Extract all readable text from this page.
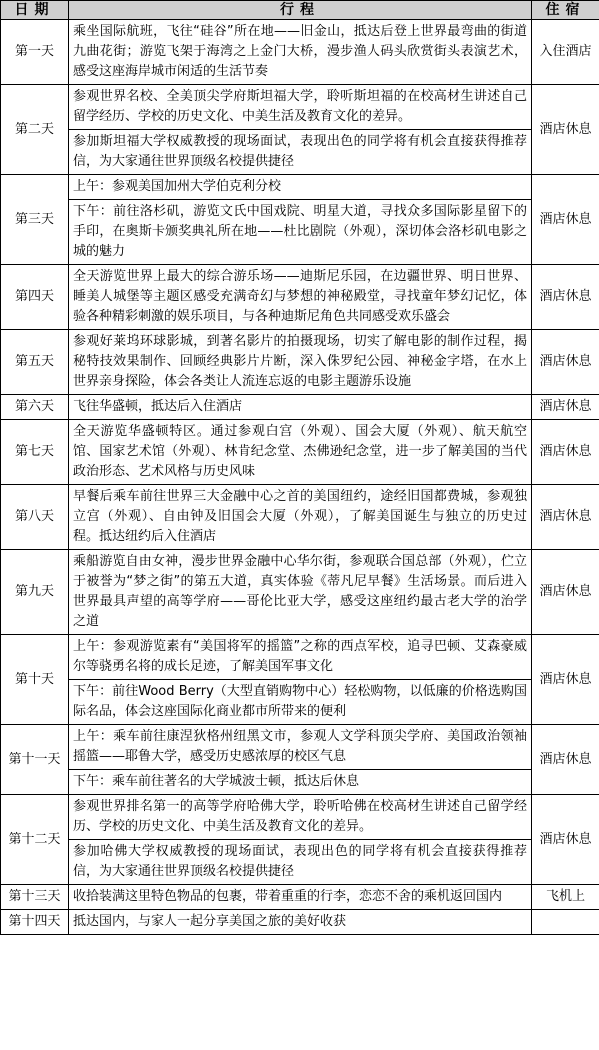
日期	行程	住宿
第一天	乘坐国际航班，飞往“硅谷”所在地——旧金山，抵达后登上世界最弯曲的街道九曲花街；游览飞架于海湾之上金门大桥，漫步渔人码头欣赏街头表演艺术，感受这座海岸城市闲适的生活节奏	入住酒店
第二天	参观世界名校、全美顶尖学府斯坦福大学，聆听斯坦福的在校高材生讲述自己留学经历、学校的历史文化、中美生活及教育文化的差异。	酒店休息
	参加斯坦福大学权威教授的现场面试，表现出色的同学将有机会直接获得推荐信，为大家通往世界顶级名校提供捷径	
第三天	上午：参观美国加州大学伯克利分校	酒店休息
	下午：前往洛杉矶，游览文氏中国戏院、明星大道，寻找众多国际影星留下的手印，在奥斯卡颁奖典礼所在地——杜比剧院（外观），深切体会洛杉矶电影之城的魅力	
第四天	全天游览世界上最大的综合游乐场——迪斯尼乐园，在边疆世界、明日世界、睡美人城堡等主题区感受充满奇幻与梦想的神秘殿堂，寻找童年梦幻记忆，体验各种精彩刺激的娱乐项目，与各种迪斯尼角色共同感受欢乐盛会	酒店休息
第五天	参观好莱坞环球影城，到著名影片的拍摄现场，切实了解电影的制作过程，揭秘特技效果制作、回顾经典影片片断，深入侏罗纪公园、神秘金字塔，在水上世界亲身探险，体会各类让人流连忘返的电影主题游乐设施	酒店休息
第六天	飞往华盛顿，抵达后入住酒店	酒店休息
第七天	全天游览华盛顿特区。通过参观白宫（外观）、国会大厦（外观）、航天航空馆、国家艺术馆（外观）、林肯纪念堂、杰佛逊纪念堂，进一步了解美国的当代政治形态、艺术风格与历史风味	酒店休息
第八天	早餐后乘车前往世界三大金融中心之首的美国纽约，途经旧国都费城，参观独立宫（外观）、自由钟及旧国会大厦（外观），了解美国诞生与独立的历史过程。抵达纽约后入住酒店	酒店休息
第九天	乘船游览自由女神，漫步世界金融中心华尔街，参观联合国总部（外观），伫立于被誉为“梦之街”的第五大道，真实体验《蒂凡尼早餐》生活场景。而后进入世界最具声望的高等学府——哥伦比亚大学，感受这座纽约最古老大学的治学之道	酒店休息
第十天	上午：参观游览素有“美国将军的摇篮”之称的西点军校，追寻巴顿、艾森豪威尔等骁勇名将的成长足迹，了解美国军事文化	酒店休息
	下午：前往Wood Berry（大型直销购物中心）轻松购物，以低廉的价格选购国际名品，体会这座国际化商业都市所带来的便利	
第十一天	上午：乘车前往康涅狄格州纽黑文市，参观人文学科顶尖学府、美国政治领袖摇篮——耶鲁大学，感受历史感浓厚的校区气息	酒店休息
	下午：乘车前往著名的大学城波士顿，抵达后休息	
第十二天	参观世界排名第一的高等学府哈佛大学，聆听哈佛在校高材生讲述自己留学经历、学校的历史文化、中美生活及教育文化的差异。	酒店休息
	参加哈佛大学权威教授的现场面试，表现出色的同学将有机会直接获得推荐信，为大家通往世界顶级名校提供捷径	
第十三天	收拾装满这里特色物品的包裹，带着重重的行李，恋恋不舍的乘机返回国内	飞机上
第十四天	抵达国内，与家人一起分享美国之旅的美好收获	
